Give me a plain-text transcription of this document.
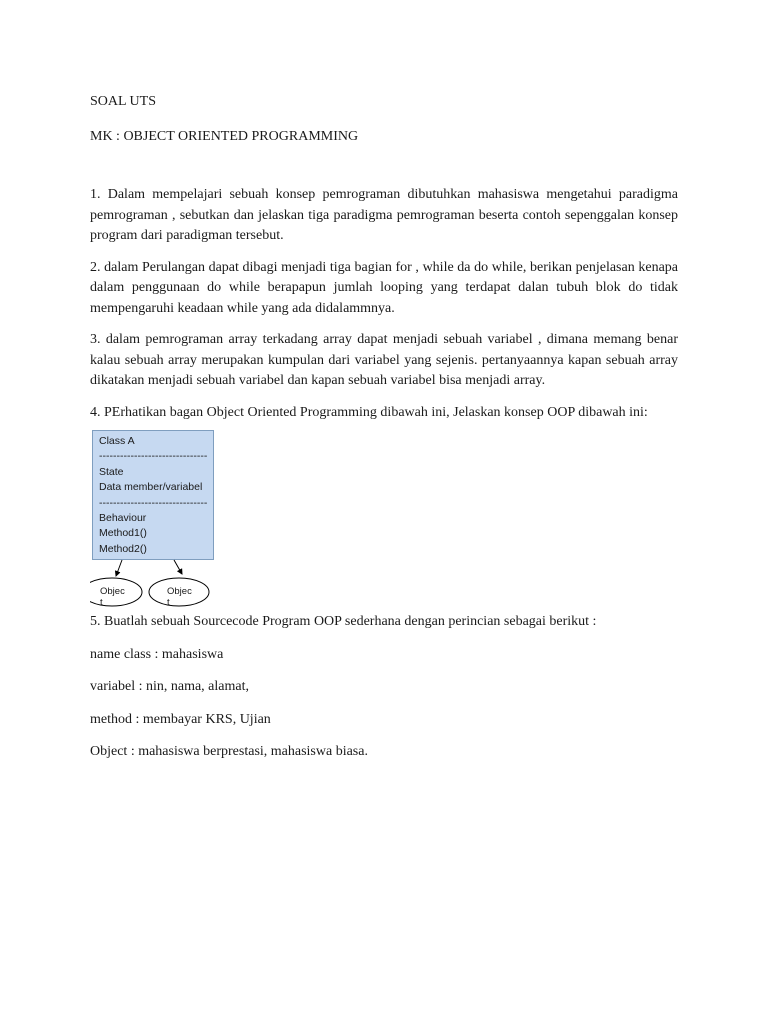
SOAL UTS

MK : OBJECT ORIENTED PROGRAMMING

1. Dalam mempelajari sebuah konsep pemrograman dibutuhkan mahasiswa mengetahui paradigma pemrograman , sebutkan dan jelaskan tiga paradigma pemrograman beserta contoh sepenggalan konsep program dari paradigman tersebut.

2. dalam Perulangan dapat dibagi menjadi tiga bagian for , while da do while, berikan penjelasan kenapa dalam penggunaan do while berapapun jumlah looping yang terdapat dalan tubuh blok do tidak mempengaruhi keadaan while yang ada didalammnya.

3. dalam pemrograman array terkadang array dapat menjadi sebuah variabel , dimana memang benar kalau sebuah array merupakan kumpulan dari variabel yang sejenis. pertanyaannya kapan sebuah array dikatakan menjadi sebuah variabel dan kapan sebuah variabel bisa menjadi array.

4. PErhatikan bagan Object Oriented Programming dibawah ini, Jelaskan konsep OOP dibawah ini:

Class A
-------------------------------
State
Data member/variabel
-------------------------------
Behaviour
Method1()
Method2()
Object
Object

5. Buatlah sebuah Sourcecode Program OOP sederhana dengan perincian sebagai berikut :

name class : mahasiswa

variabel : nin, nama, alamat,

method : membayar KRS, Ujian

Object : mahasiswa berprestasi, mahasiswa biasa.
